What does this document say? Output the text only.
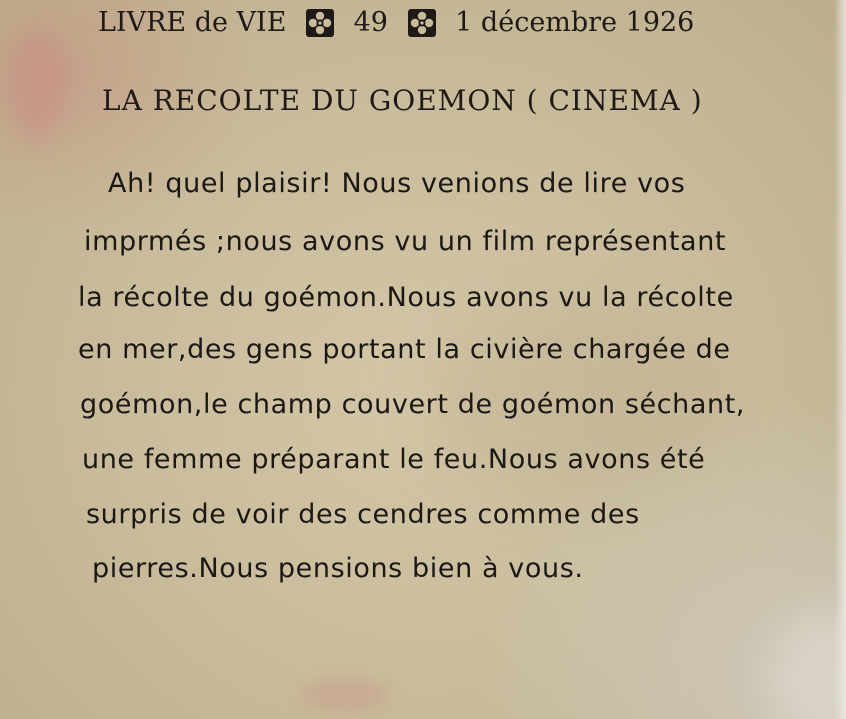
LIVRE de VIE 49 1 décembre 1926
LA RECOLTE DU GOEMON ( CINEMA )
Ah! quel plaisir! Nous venions de lire vos
imprmés ;nous avons vu un film représentant
la récolte du goémon.Nous avons vu la récolte
en mer,des gens portant la civière chargée de
goémon,le champ couvert de goémon séchant,
une femme préparant le feu.Nous avons été
surpris de voir des cendres comme des
pierres.Nous pensions bien à vous.
